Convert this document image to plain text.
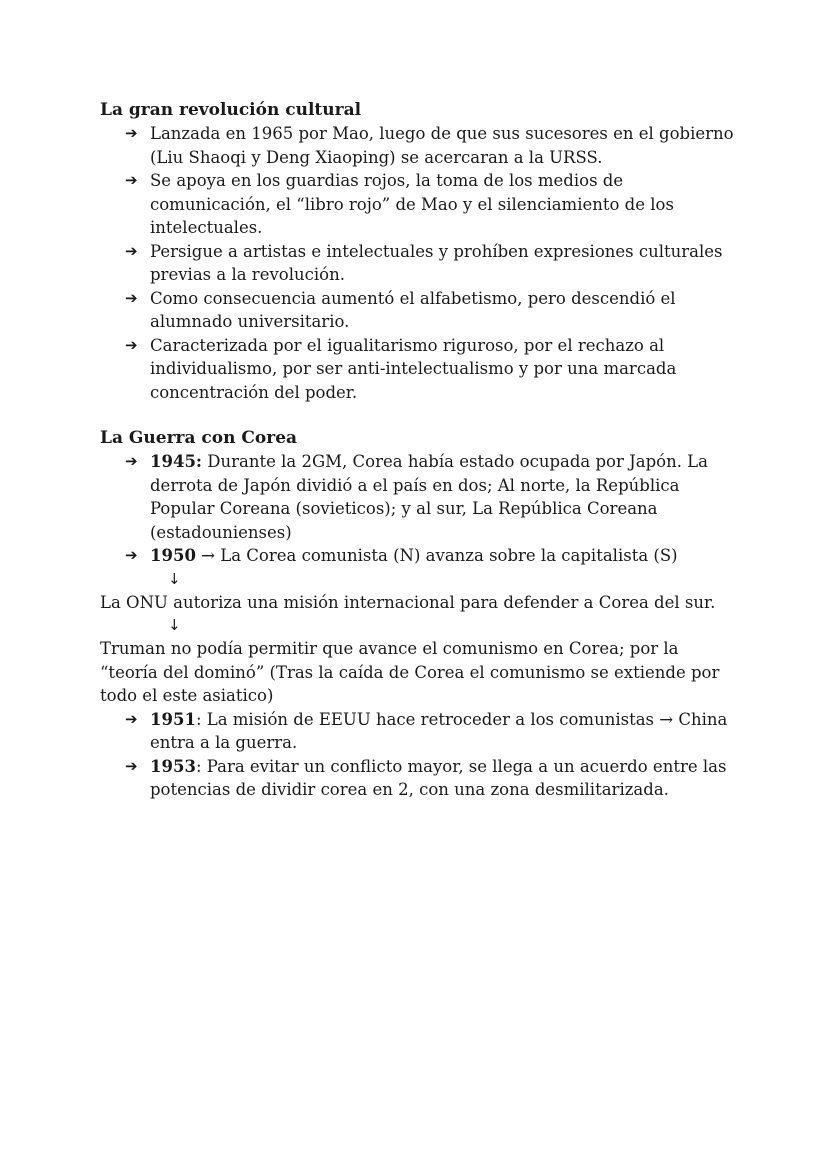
La gran revolución cultural
➔ Lanzada en 1965 por Mao, luego de que sus sucesores en el gobierno (Liu Shaoqi y Deng Xiaoping) se acercaran a la URSS.
➔ Se apoya en los guardias rojos, la toma de los medios de comunicación, el “libro rojo” de Mao y el silenciamiento de los intelectuales.
➔ Persigue a artistas e intelectuales y prohíben expresiones culturales previas a la revolución.
➔ Como consecuencia aumentó el alfabetismo, pero descendió el alumnado universitario.
➔ Caracterizada por el igualitarismo riguroso, por el rechazo al individualismo, por ser anti-intelectualismo y por una marcada concentración del poder.
La Guerra con Corea
➔ 1945: Durante la 2GM, Corea había estado ocupada por Japón. La derrota de Japón dividió a el país en dos; Al norte, la República Popular Coreana (sovieticos); y al sur, La República Coreana (estadounienses)
➔ 1950 → La Corea comunista (N) avanza sobre la capitalista (S)

↓

La ONU autoriza una misión internacional para defender a Corea del sur.

↓

Truman no podía permitir que avance el comunismo en Corea; por la “teoría del dominó” (Tras la caída de Corea el comunismo se extiende por todo el este asiatico)

➔ 1951: La misión de EEUU hace retroceder a los comunistas → China entra a la guerra.
➔ 1953: Para evitar un conflicto mayor, se llega a un acuerdo entre las potencias de dividir corea en 2, con una zona desmilitarizada.
